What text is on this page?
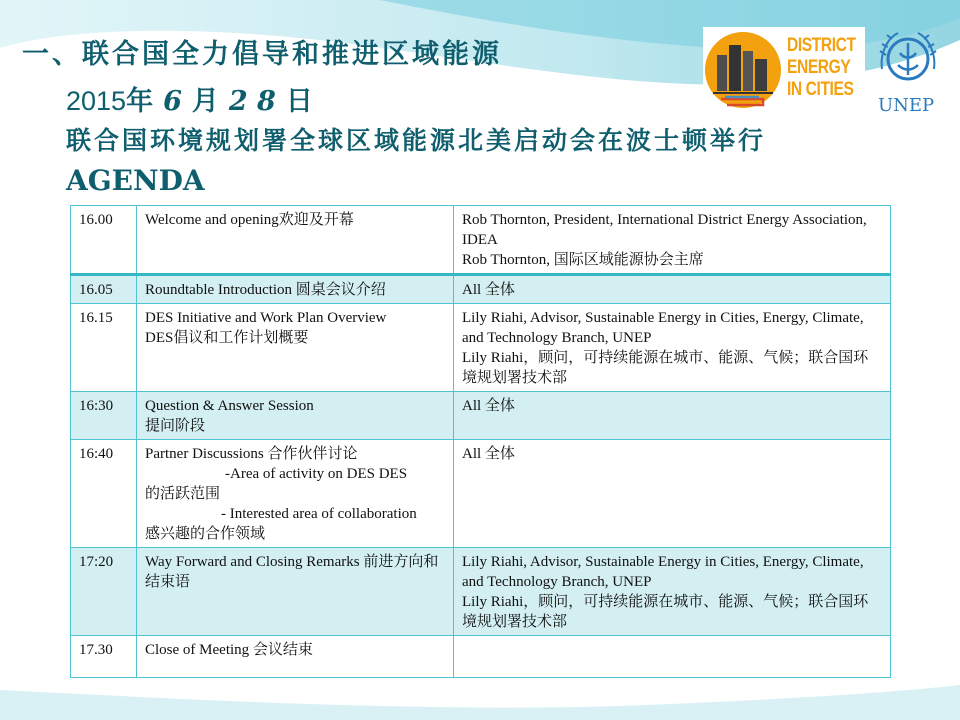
一、联合国全力倡导和推进区域能源
2015年 6 月 2 8 日
联合国环境规划署全球区域能源北美启动会在波士顿举行
AGENDA
DISTRICT
ENERGY
IN CITIES
UNEP
16.00	Welcome and opening欢迎及开幕	Rob Thornton, President, International District Energy Association, IDEA
Rob Thornton, 国际区域能源协会主席

16.05	Roundtable Introduction 圆桌会议介绍	All 全体

16.15	DES Initiative and Work Plan Overview
DES倡议和工作计划概要	Lily Riahi, Advisor, Sustainable Energy in Cities, Energy, Climate, and Technology Branch, UNEP
Lily Riahi，顾问，可持续能源在城市、能源、气候；联合国环境规划署技术部

16:30	Question & Answer Session
提问阶段	All 全体

16:40	Partner Discussions 合作伙伴讨论
-Area of activity on DES DES
的活跃范围
- Interested area of collaboration
感兴趣的合作领域	All 全体

17:20	Way Forward and Closing Remarks 前进方向和结束语	Lily Riahi, Advisor, Sustainable Energy in Cities, Energy, Climate, and Technology Branch, UNEP
Lily Riahi，顾问，可持续能源在城市、能源、气候；联合国环境规划署技术部

17.30	Close of Meeting 会议结束	
